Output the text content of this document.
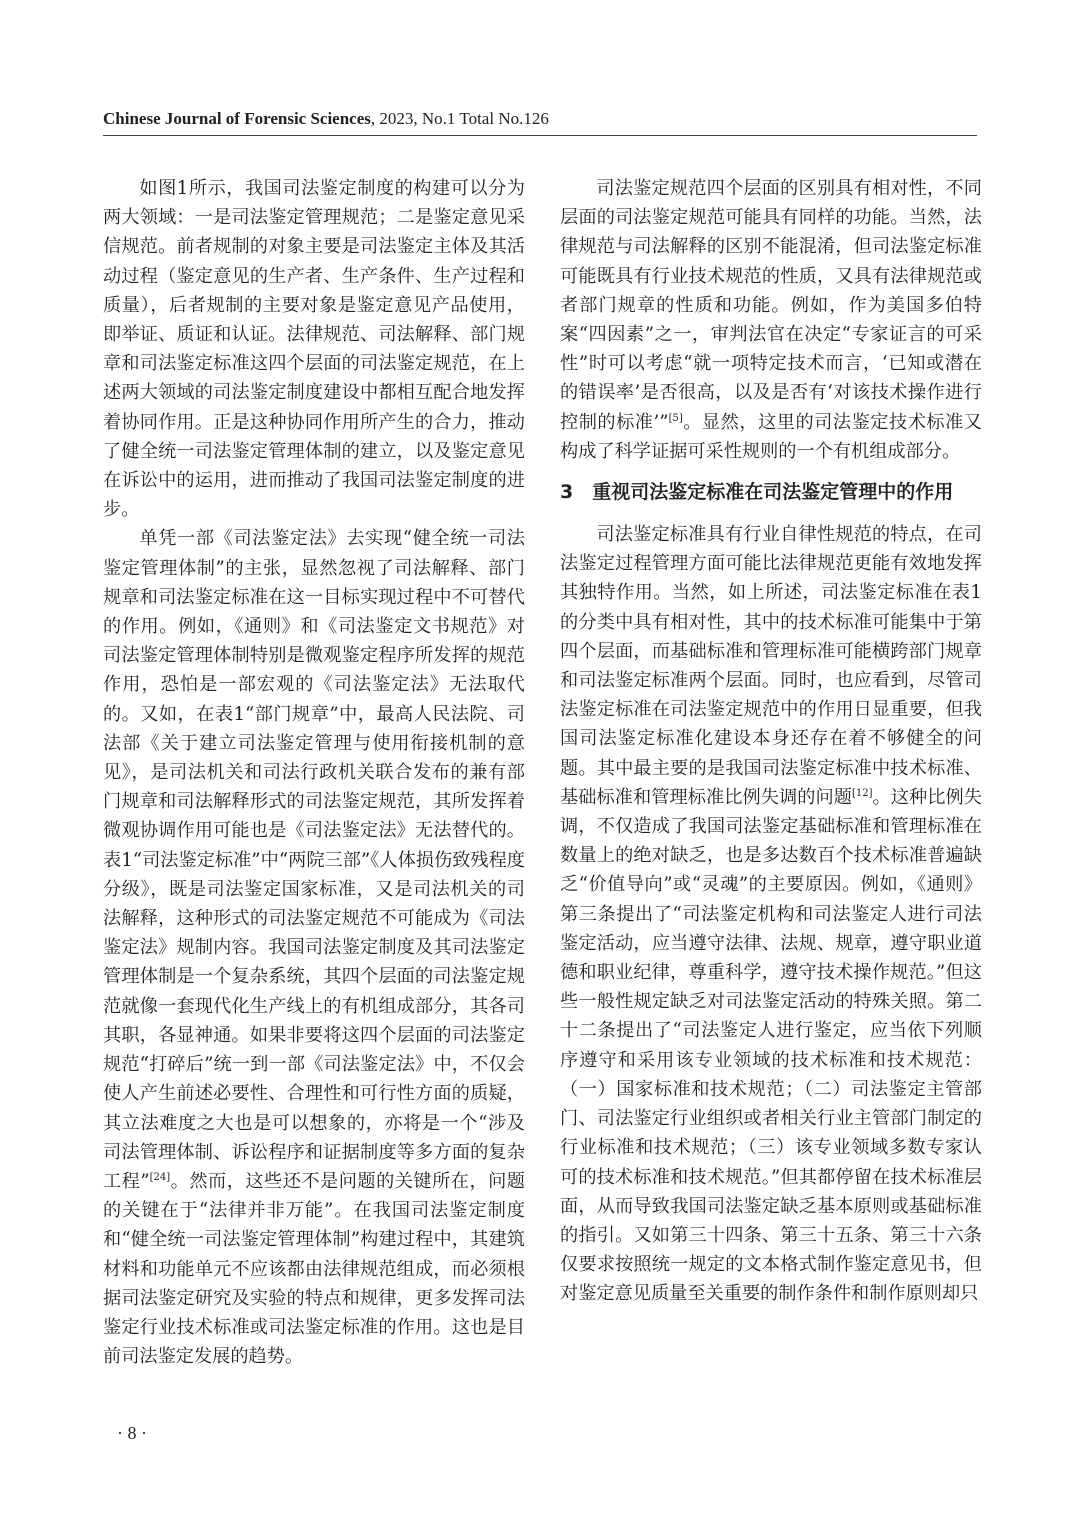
Chinese Journal of Forensic Sciences, 2023, No.1 Total No.126

如图1所示，我国司法鉴定制度的构建可以分为两大领域：一是司法鉴定管理规范；二是鉴定意见采信规范。前者规制的对象主要是司法鉴定主体及其活动过程（鉴定意见的生产者、生产条件、生产过程和质量），后者规制的主要对象是鉴定意见产品使用，即举证、质证和认证。法律规范、司法解释、部门规章和司法鉴定标准这四个层面的司法鉴定规范，在上述两大领域的司法鉴定制度建设中都相互配合地发挥着协同作用。正是这种协同作用所产生的合力，推动了健全统一司法鉴定管理体制的建立，以及鉴定意见在诉讼中的运用，进而推动了我国司法鉴定制度的进步。

单凭一部《司法鉴定法》去实现“健全统一司法鉴定管理体制”的主张，显然忽视了司法解释、部门规章和司法鉴定标准在这一目标实现过程中不可替代的作用。例如，《通则》和《司法鉴定文书规范》对司法鉴定管理体制特别是微观鉴定程序所发挥的规范作用，恐怕是一部宏观的《司法鉴定法》无法取代的。又如，在表1“部门规章”中，最高人民法院、司法部《关于建立司法鉴定管理与使用衔接机制的意见》，是司法机关和司法行政机关联合发布的兼有部门规章和司法解释形式的司法鉴定规范，其所发挥着微观协调作用可能也是《司法鉴定法》无法替代的。表1“司法鉴定标准”中“两院三部”《人体损伤致残程度分级》，既是司法鉴定国家标准，又是司法机关的司法解释，这种形式的司法鉴定规范不可能成为《司法鉴定法》规制内容。我国司法鉴定制度及其司法鉴定管理体制是一个复杂系统，其四个层面的司法鉴定规范就像一套现代化生产线上的有机组成部分，其各司其职，各显神通。如果非要将这四个层面的司法鉴定规范“打碎后”统一到一部《司法鉴定法》中，不仅会使人产生前述必要性、合理性和可行性方面的质疑，其立法难度之大也是可以想象的，亦将是一个“涉及司法管理体制、诉讼程序和证据制度等多方面的复杂工程”[24]。然而，这些还不是问题的关键所在，问题的关键在于“法律并非万能”。在我国司法鉴定制度和“健全统一司法鉴定管理体制”构建过程中，其建筑材料和功能单元不应该都由法律规范组成，而必须根据司法鉴定研究及实验的特点和规律，更多发挥司法鉴定行业技术标准或司法鉴定标准的作用。这也是目前司法鉴定发展的趋势。

司法鉴定规范四个层面的区别具有相对性，不同层面的司法鉴定规范可能具有同样的功能。当然，法律规范与司法解释的区别不能混淆，但司法鉴定标准可能既具有行业技术规范的性质，又具有法律规范或者部门规章的性质和功能。例如，作为美国多伯特案“四因素”之一，审判法官在决定“专家证言的可采性”时可以考虑“就一项特定技术而言，‘已知或潜在的错误率’是否很高，以及是否有‘对该技术操作进行控制的标准’”[5]。显然，这里的司法鉴定技术标准又构成了科学证据可采性规则的一个有机组成部分。

3　重视司法鉴定标准在司法鉴定管理中的作用

司法鉴定标准具有行业自律性规范的特点，在司法鉴定过程管理方面可能比法律规范更能有效地发挥其独特作用。当然，如上所述，司法鉴定标准在表1的分类中具有相对性，其中的技术标准可能集中于第四个层面，而基础标准和管理标准可能横跨部门规章和司法鉴定标准两个层面。同时，也应看到，尽管司法鉴定标准在司法鉴定规范中的作用日显重要，但我国司法鉴定标准化建设本身还存在着不够健全的问题。其中最主要的是我国司法鉴定标准中技术标准、基础标准和管理标准比例失调的问题[12]。这种比例失调，不仅造成了我国司法鉴定基础标准和管理标准在数量上的绝对缺乏，也是多达数百个技术标准普遍缺乏“价值导向”或“灵魂”的主要原因。例如，《通则》第三条提出了“司法鉴定机构和司法鉴定人进行司法鉴定活动，应当遵守法律、法规、规章，遵守职业道德和职业纪律，尊重科学，遵守技术操作规范。”但这些一般性规定缺乏对司法鉴定活动的特殊关照。第二十二条提出了“司法鉴定人进行鉴定，应当依下列顺序遵守和采用该专业领域的技术标准和技术规范：（一）国家标准和技术规范；（二）司法鉴定主管部门、司法鉴定行业组织或者相关行业主管部门制定的行业标准和技术规范；（三）该专业领域多数专家认可的技术标准和技术规范。”但其都停留在技术标准层面，从而导致我国司法鉴定缺乏基本原则或基础标准的指引。又如第三十四条、第三十五条、第三十六条仅要求按照统一规定的文本格式制作鉴定意见书，但对鉴定意见质量至关重要的制作条件和制作原则却只

· 8 ·
